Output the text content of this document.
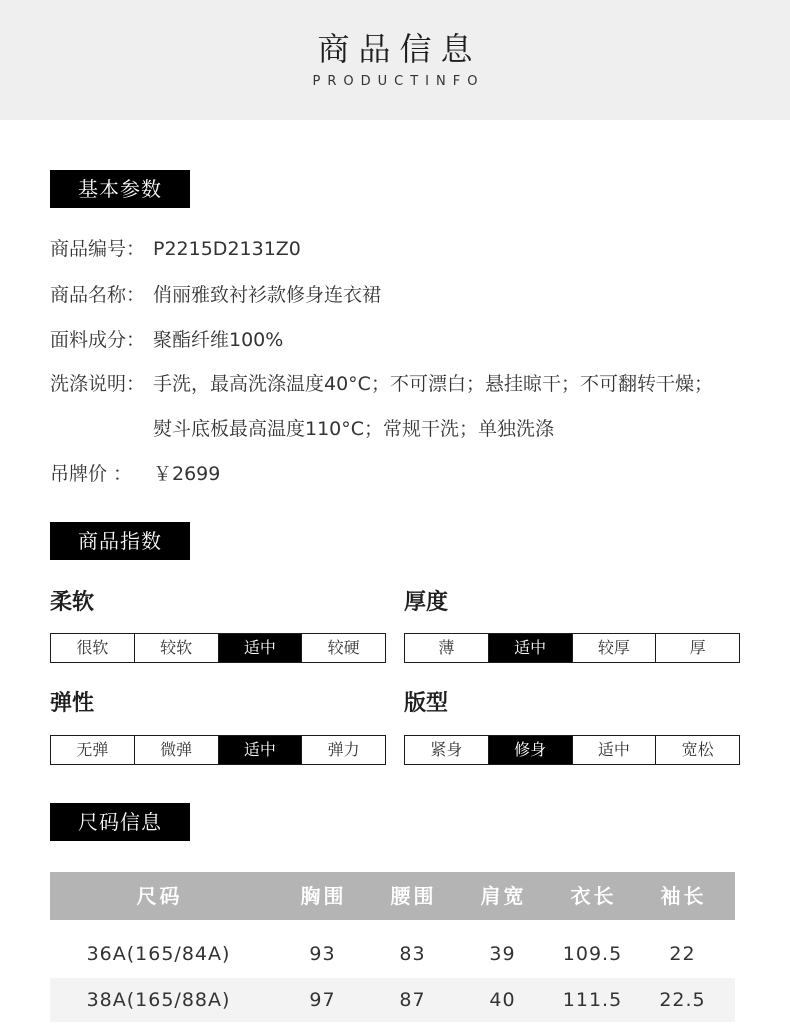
商品信息
PRODUCTINFO
基本参数
商品编号： P2215D2131Z0
商品名称： 俏丽雅致衬衫款修身连衣裙
面料成分： 聚酯纤维100%
洗涤说明： 手洗，最高洗涤温度40°C；不可漂白；悬挂晾干；不可翻转干燥；
熨斗底板最高温度110°C；常规干洗；单独洗涤
吊牌价 ： ￥2699
商品指数
柔软
很软	较软	适中	较硬
厚度
薄	适中	较厚	厚
弹性
无弹	微弹	适中	弹力
版型
紧身	修身	适中	宽松
尺码信息
尺码	胸围	腰围	肩宽	衣长	袖长
36A(165/84A)	93	83	39	109.5	22
38A(165/88A)	97	87	40	111.5	22.5
